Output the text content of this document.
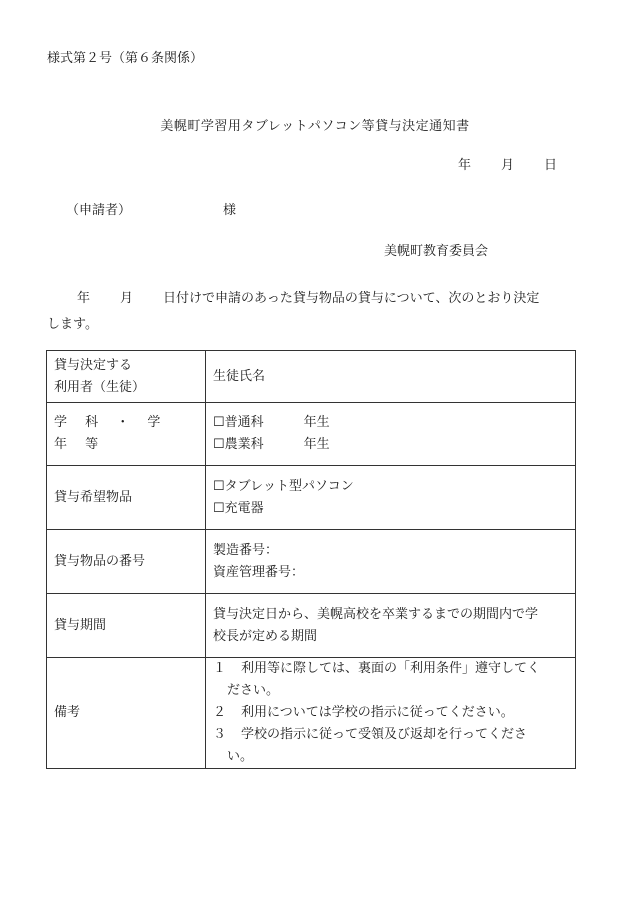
様式第２号（第６条関係）
美幌町学習用タブレットパソコン等貸与決定通知書
年 月 日
（申請者）	様
美幌町教育委員会
年 月 日付けで申請のあった貸与物品の貸与について、次のとおり決定
します。
貸与決定する
利用者（生徒）	生徒氏名
学 科 ・ 学 年 等	☐普通科 年生
☐農業科 年生

貸与希望物品	☐タブレット型パソコン
☐充電器

貸与物品の番号	製造番号：
資産管理番号：

貸与期間	貸与決定日から、美幌高校を卒業するまでの期間内で学
校長が定める期間

備考	１ 利用等に際しては、裏面の「利用条件」遵守してく
ださい。
２ 利用については学校の指示に従ってください。
３ 学校の指示に従って受領及び返却を行ってくださ
い。
